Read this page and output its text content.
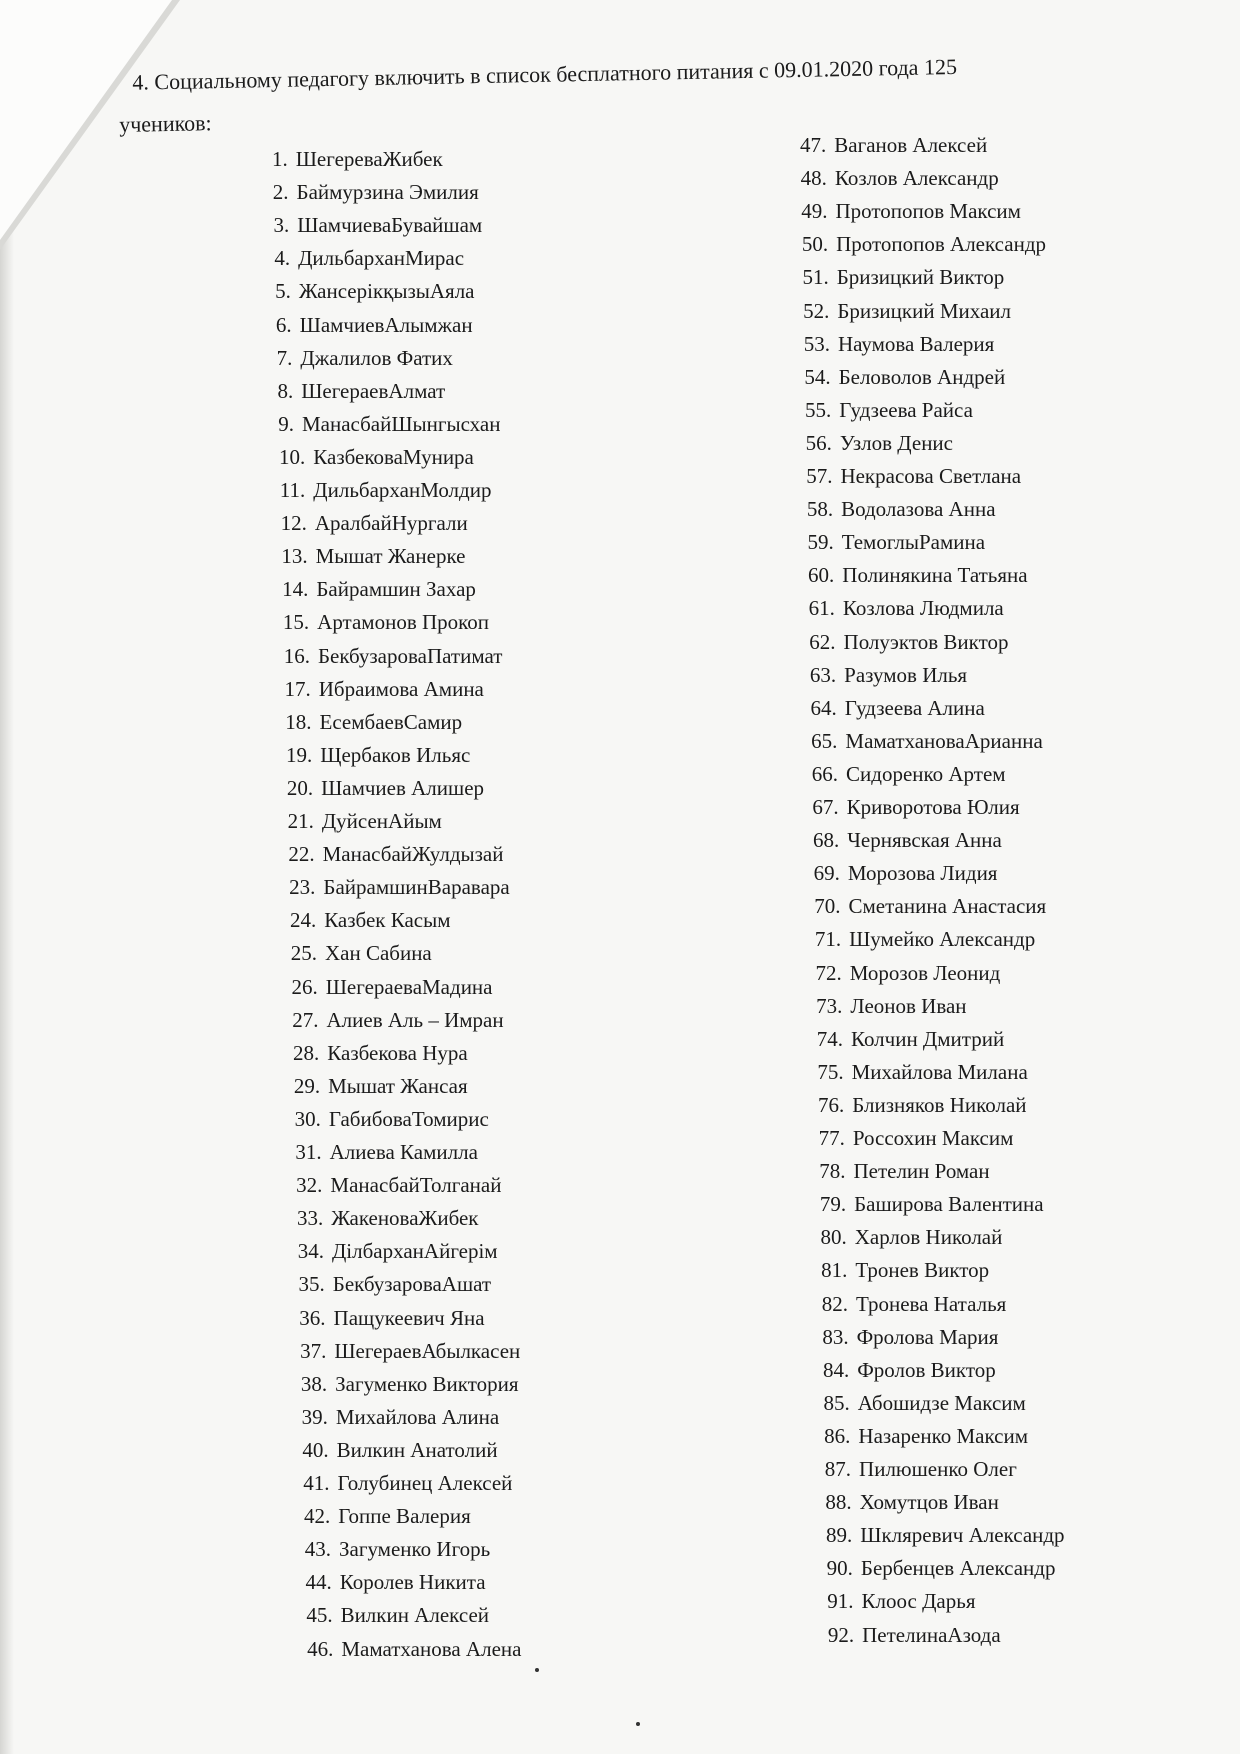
4. Социальному педагогу включить в список бесплатного питания с 09.01.2020 года 125
учеников:
1. ШегереваЖибек
2. Баймурзина Эмилия
3. ШамчиеваБувайшам
4. ДильбарханМирас
5. ЖансерікқызыАяла
6. ШамчиевАлымжан
7. Джалилов Фатих
8. ШегераевАлмат
9. МанасбайШынгысхан
10. КазбековаМунира
11. ДильбарханМолдир
12. АралбайНургали
13. Мышат Жанерке
14. Байрамшин Захар
15. Артамонов Прокоп
16. БекбузароваПатимат
17. Ибраимова Амина
18. ЕсембаевСамир
19. Щербаков Ильяс
20. Шамчиев Алишер
21. ДуйсенАйым
22. МанасбайЖулдызай
23. БайрамшинВаравара
24. Казбек Касым
25. Хан Сабина
26. ШегераеваМадина
27. Алиев Аль – Имран
28. Казбекова Нура
29. Мышат Жансая
30. ГабибоваТомирис
31. Алиева Камилла
32. МанасбайТолганай
33. ЖакеноваЖибек
34. ДілбарханАйгерім
35. БекбузароваАшат
36. Пащукеевич Яна
37. ШегераевАбылкасен
38. Загуменко Виктория
39. Михайлова Алина
40. Вилкин Анатолий
41. Голубинец Алексей
42. Гоппе Валерия
43. Загуменко Игорь
44. Королев Никита
45. Вилкин Алексей
46. Маматханова Алена
47. Ваганов Алексей
48. Козлов Александр
49. Протопопов Максим
50. Протопопов Александр
51. Бризицкий Виктор
52. Бризицкий Михаил
53. Наумова Валерия
54. Беловолов Андрей
55. Гудзеева Райса
56. Узлов Денис
57. Некрасова Светлана
58. Водолазова Анна
59. ТемоглыРамина
60. Полинякина Татьяна
61. Козлова Людмила
62. Полуэктов Виктор
63. Разумов Илья
64. Гудзеева Алина
65. МаматхановаАрианна
66. Сидоренко Артем
67. Криворотова Юлия
68. Чернявская Анна
69. Морозова Лидия
70. Сметанина Анастасия
71. Шумейко Александр
72. Морозов Леонид
73. Леонов Иван
74. Колчин Дмитрий
75. Михайлова Милана
76. Близняков Николай
77. Россохин Максим
78. Петелин Роман
79. Баширова Валентина
80. Харлов Николай
81. Тронев Виктор
82. Тронева Наталья
83. Фролова Мария
84. Фролов Виктор
85. Абошидзе Максим
86. Назаренко Максим
87. Пилюшенко Олег
88. Хомутцов Иван
89. Шкляревич Александр
90. Бербенцев Александр
91. Клоос Дарья
92. ПетелинаАзода
